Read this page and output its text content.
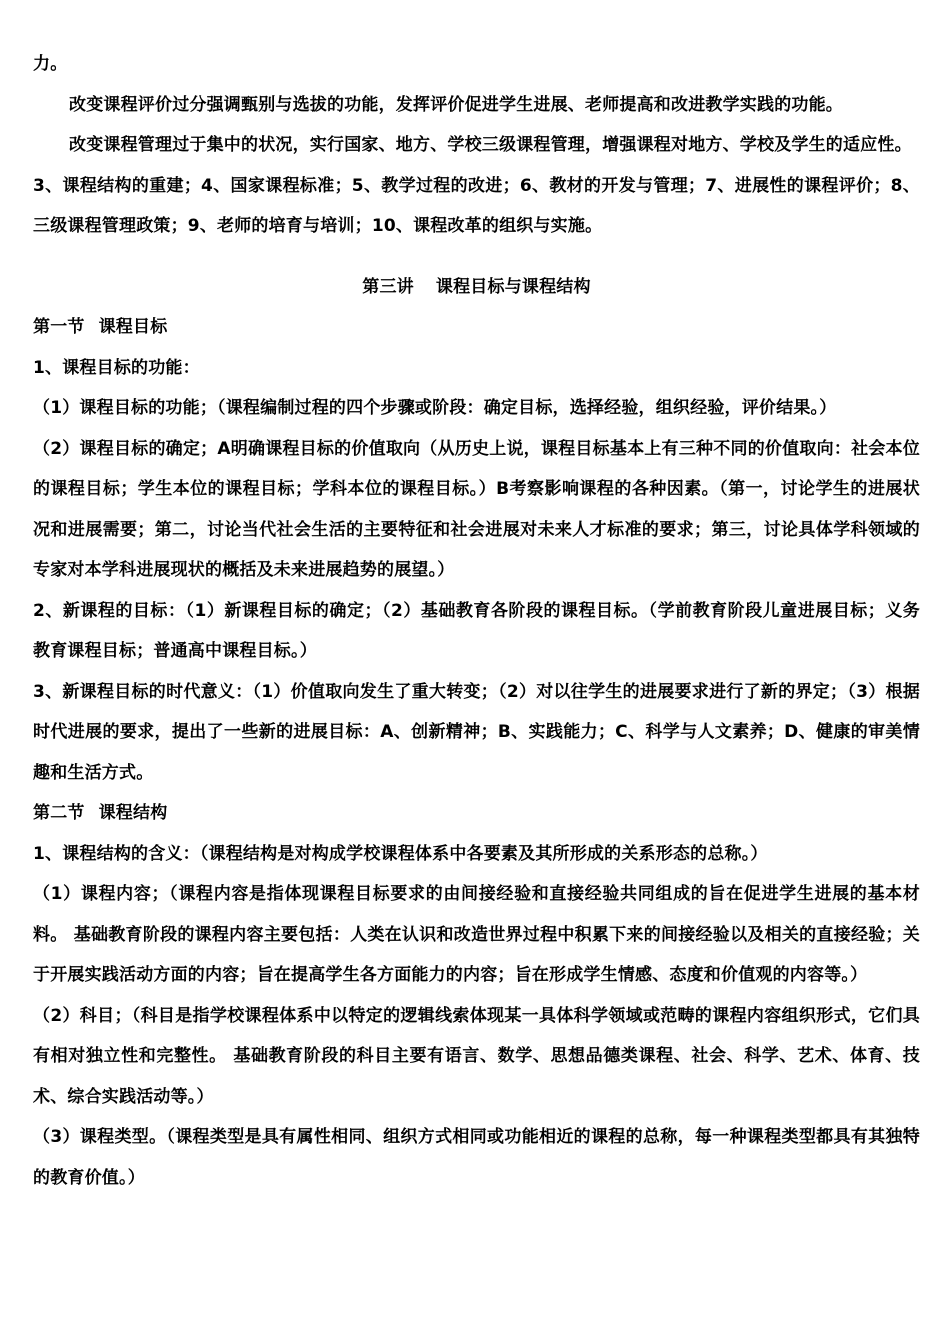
力。

改变课程评价过分强调甄别与选拔的功能，发挥评价促进学生进展、老师提高和改进教学实践的功能。

改变课程管理过于集中的状况，实行国家、地方、学校三级课程管理，增强课程对地方、学校及学生的适应性。

3、课程结构的重建；4、国家课程标准；5、教学过程的改进；6、教材的开发与管理；7、进展性的课程评价；8、三级课程管理政策；9、老师的培育与培训；10、课程改革的组织与实施。

第三讲 课程目标与课程结构

第一节 课程目标

1、课程目标的功能：

（1）课程目标的功能；（课程编制过程的四个步骤或阶段：确定目标，选择经验，组织经验，评价结果。）

（2）课程目标的确定；A明确课程目标的价值取向（从历史上说，课程目标基本上有三种不同的价值取向：社会本位的课程目标；学生本位的课程目标；学科本位的课程目标。）B考察影响课程的各种因素。（第一，讨论学生的进展状况和进展需要；第二，讨论当代社会生活的主要特征和社会进展对未来人才标准的要求；第三，讨论具体学科领域的专家对本学科进展现状的概括及未来进展趋势的展望。）

2、新课程的目标：（1）新课程目标的确定；（2）基础教育各阶段的课程目标。（学前教育阶段儿童进展目标；义务教育课程目标；普通高中课程目标。）

3、新课程目标的时代意义：（1）价值取向发生了重大转变；（2）对以往学生的进展要求进行了新的界定；（3）根据时代进展的要求，提出了一些新的进展目标：A、创新精神；B、实践能力；C、科学与人文素养；D、健康的审美情趣和生活方式。

第二节 课程结构

1、课程结构的含义：（课程结构是对构成学校课程体系中各要素及其所形成的关系形态的总称。）

（1）课程内容；（课程内容是指体现课程目标要求的由间接经验和直接经验共同组成的旨在促进学生进展的基本材料。 基础教育阶段的课程内容主要包括：人类在认识和改造世界过程中积累下来的间接经验以及相关的直接经验；关于开展实践活动方面的内容；旨在提高学生各方面能力的内容；旨在形成学生情感、态度和价值观的内容等。）

（2）科目；（科目是指学校课程体系中以特定的逻辑线索体现某一具体科学领域或范畴的课程内容组织形式，它们具有相对独立性和完整性。 基础教育阶段的科目主要有语言、数学、思想品德类课程、社会、科学、艺术、体育、技术、综合实践活动等。）

（3）课程类型。（课程类型是具有属性相同、组织方式相同或功能相近的课程的总称，每一种课程类型都具有其独特的教育价值。）
